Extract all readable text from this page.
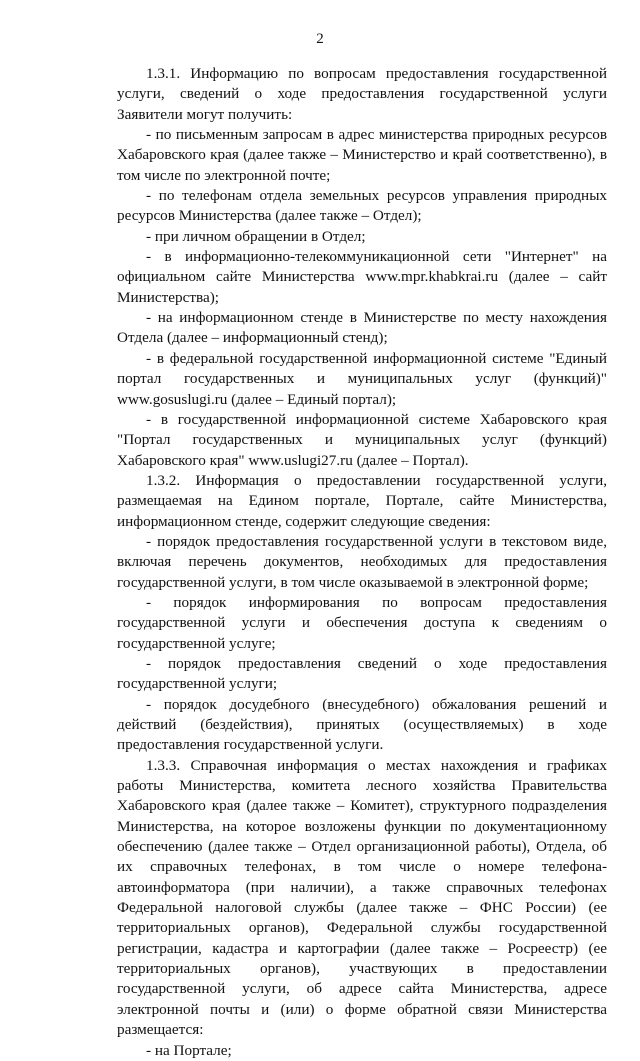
2

1.3.1. Информацию по вопросам предоставления государственной услуги, сведений о ходе предоставления государственной услуги Заявители могут получить:

- по письменным запросам в адрес министерства природных ресурсов Хабаровского края (далее также – Министерство и край соответственно), в том числе по электронной почте;

- по телефонам отдела земельных ресурсов управления природных ресурсов Министерства (далее также – Отдел);

- при личном обращении в Отдел;

- в информационно-телекоммуникационной сети "Интернет" на официальном сайте Министерства www.mpr.khabkrai.ru (далее – сайт Министерства);

- на информационном стенде в Министерстве по месту нахождения Отдела (далее – информационный стенд);

- в федеральной государственной информационной системе "Единый портал государственных и муниципальных услуг (функций)" www.gosuslugi.ru (далее – Единый портал);

- в государственной информационной системе Хабаровского края "Портал государственных и муниципальных услуг (функций) Хабаровского края" www.uslugi27.ru (далее – Портал).

1.3.2. Информация о предоставлении государственной услуги, размещаемая на Едином портале, Портале, сайте Министерства, информационном стенде, содержит следующие сведения:

- порядок предоставления государственной услуги в текстовом виде, включая перечень документов, необходимых для предоставления государственной услуги, в том числе оказываемой в электронной форме;

- порядок информирования по вопросам предоставления государственной услуги и обеспечения доступа к сведениям о государственной услуге;

- порядок предоставления сведений о ходе предоставления государственной услуги;

- порядок досудебного (внесудебного) обжалования решений и действий (бездействия), принятых (осуществляемых) в ходе предоставления государственной услуги.

1.3.3. Справочная информация о местах нахождения и графиках работы Министерства, комитета лесного хозяйства Правительства Хабаровского края (далее также – Комитет), структурного подразделения Министерства, на которое возложены функции по документационному обеспечению (далее также – Отдел организационной работы), Отдела, об их справочных телефонах, в том числе о номере телефона-автоинформатора (при наличии), а также справочных телефонах Федеральной налоговой службы (далее также – ФНС России) (ее территориальных органов), Федеральной службы государственной регистрации, кадастра и картографии (далее также – Росреестр) (ее территориальных органов), участвующих в предоставлении государственной услуги, об адресе сайта Министерства, адресе электронной почты и (или) о форме обратной связи Министерства размещается:

- на Портале;
